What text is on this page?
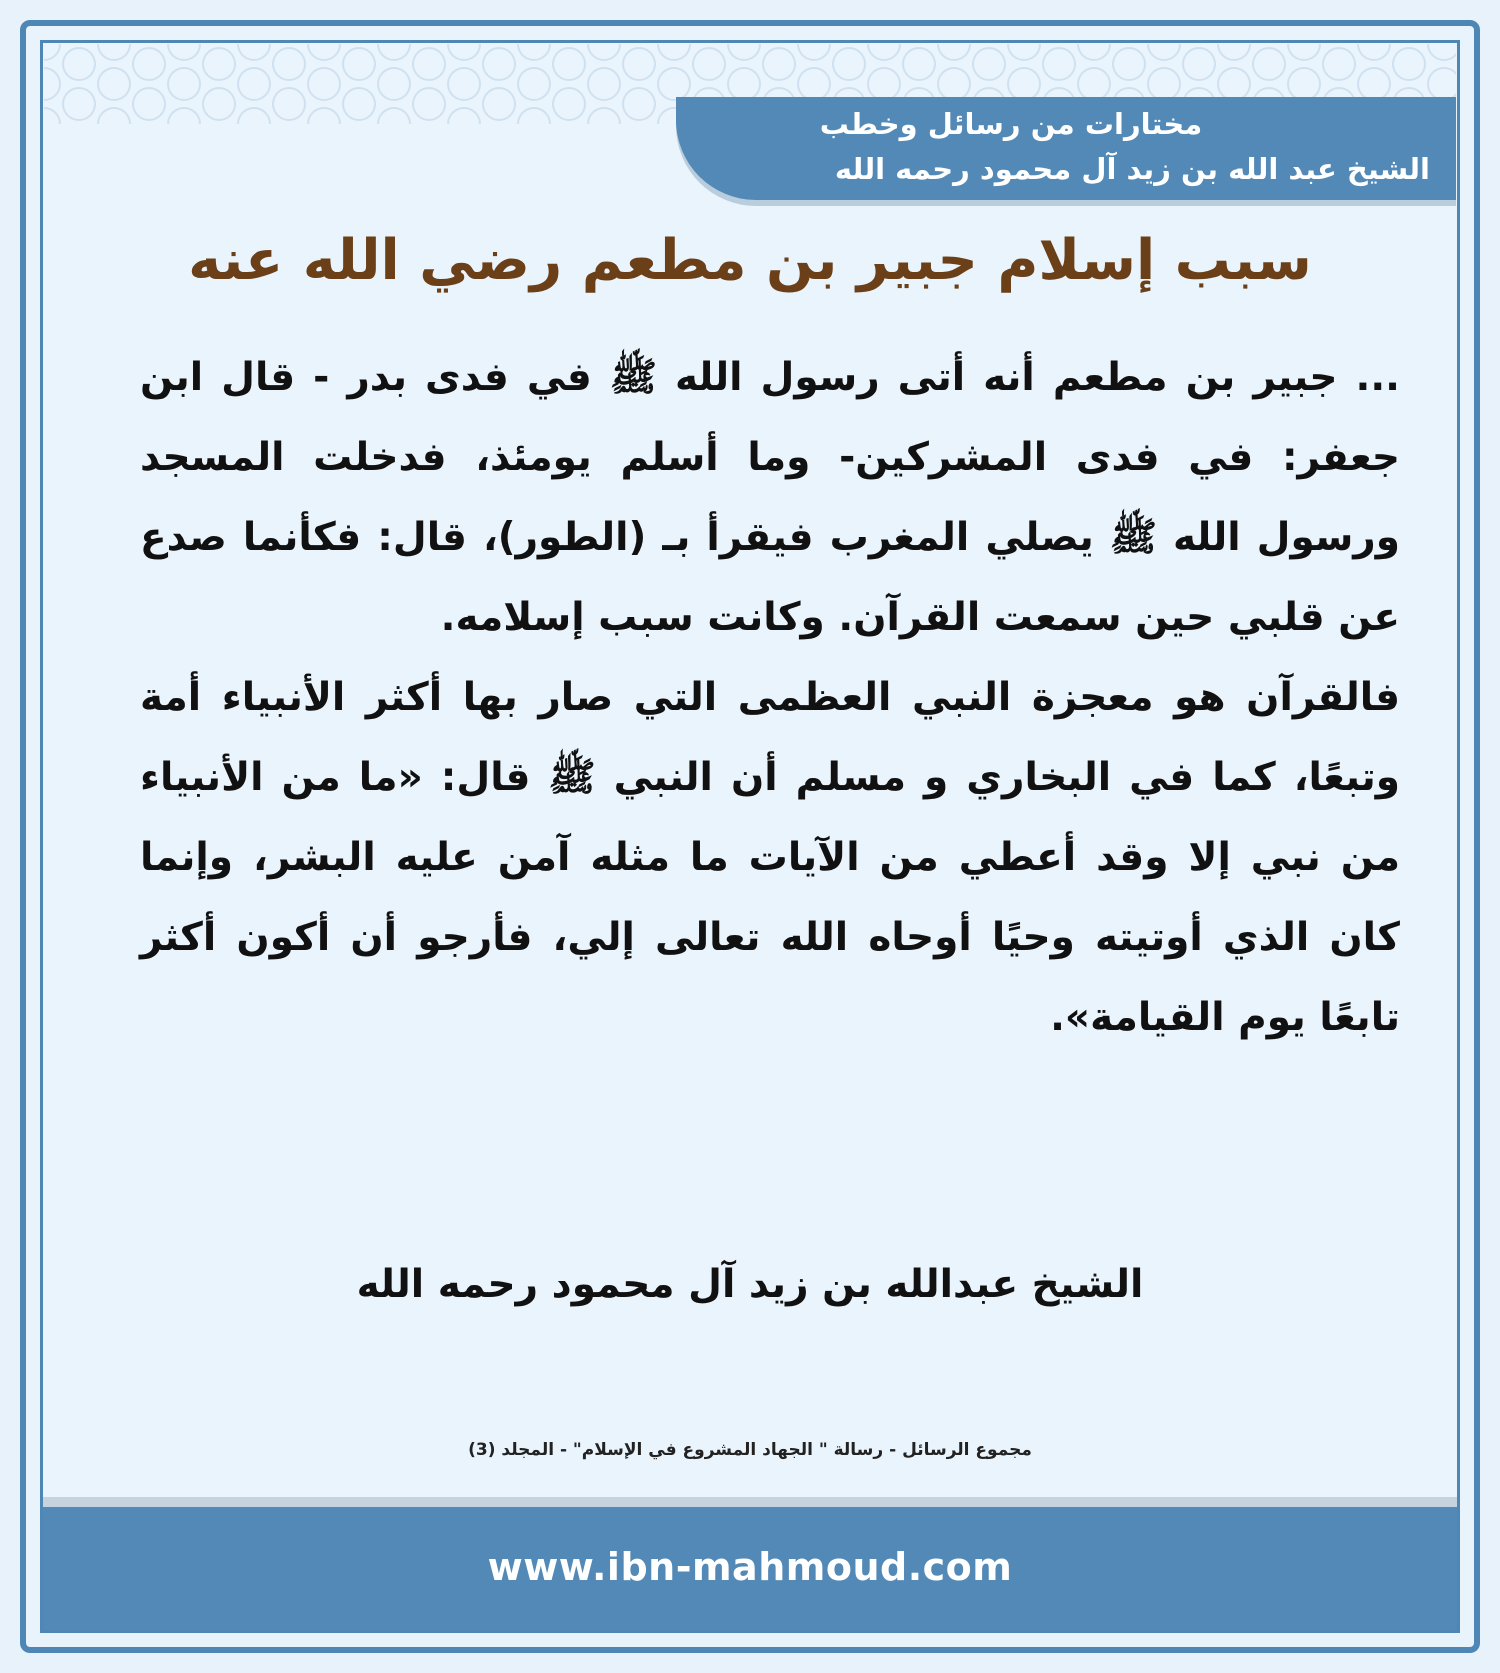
مختارات من رسائل وخطب
الشيخ عبد الله بن زيد آل محمود رحمه الله
سبب إسلام جبير بن مطعم رضي الله عنه

... جبير بن مطعم أنه أتى رسول الله ﷺ في فدى بدر - قال ابن جعفر: في فدى المشركين- وما أسلم يومئذ، فدخلت المسجد ورسول الله ﷺ يصلي المغرب فيقرأ بـ (الطور)، قال: فكأنما صدع عن قلبي حين سمعت القرآن. وكانت سبب إسلامه.

فالقرآن هو معجزة النبي العظمى التي صار بها أكثر الأنبياء أمة وتبعًا، كما في البخاري و مسلم أن النبي ﷺ قال: «ما من الأنبياء من نبي إلا وقد أعطي من الآيات ما مثله آمن عليه البشر، وإنما كان الذي أوتيته وحيًا أوحاه الله تعالى إلي، فأرجو أن أكون أكثر تابعًا يوم القيامة».

الشيخ عبدالله بن زيد آل محمود رحمه الله
مجموع الرسائل - رسالة " الجهاد المشروع في الإسلام" - المجلد (3)
www.ibn-mahmoud.com
